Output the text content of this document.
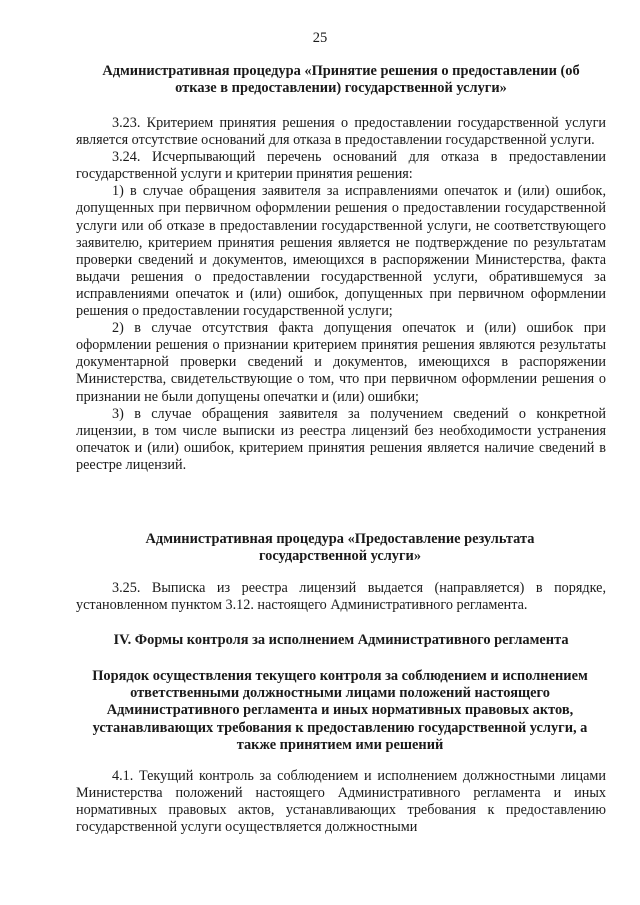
25
Административная процедура «Принятие решения о предоставлении (об отказе в предоставлении) государственной услуги»

3.23. Критерием принятия решения о предоставлении государственной услуги является отсутствие оснований для отказа в предоставлении государственной услуги.

3.24. Исчерпывающий перечень оснований для отказа в предоставлении государственной услуги и критерии принятия решения:

1) в случае обращения заявителя за исправлениями опечаток и (или) ошибок, допущенных при первичном оформлении решения о предоставлении государственной услуги или об отказе в предоставлении государственной услуги, не соответствующего заявителю, критерием принятия решения является не подтверждение по результатам проверки сведений и документов, имеющихся в распоряжении Министерства, факта выдачи решения о предоставлении государственной услуги, обратившемуся за исправлениями опечаток и (или) ошибок, допущенных при первичном оформлении решения о предоставлении государственной услуги;

2) в случае отсутствия факта допущения опечаток и (или) ошибок при оформлении решения о признании критерием принятия решения являются результаты документарной проверки сведений и документов, имеющихся в распоряжении Министерства, свидетельствующие о том, что при первичном оформлении решения о признании не были допущены опечатки и (или) ошибки;

3) в случае обращения заявителя за получением сведений о конкретной лицензии, в том числе выписки из реестра лицензий без необходимости устранения опечаток и (или) ошибок, критерием принятия решения является наличие сведений в реестре лицензий.

Административная процедура «Предоставление результата государственной услуги»

3.25. Выписка из реестра лицензий выдается (направляется) в порядке, установленном пунктом 3.12. настоящего Административного регламента.

IV. Формы контроля за исполнением Административного регламента
Порядок осуществления текущего контроля за соблюдением и исполнением ответственными должностными лицами положений настоящего Административного регламента и иных нормативных правовых актов, устанавливающих требования к предоставлению государственной услуги, а также принятием ими решений

4.1. Текущий контроль за соблюдением и исполнением должностными лицами Министерства положений настоящего Административного регламента и иных нормативных правовых актов, устанавливающих требования к предоставлению государственной услуги осуществляется должностными
